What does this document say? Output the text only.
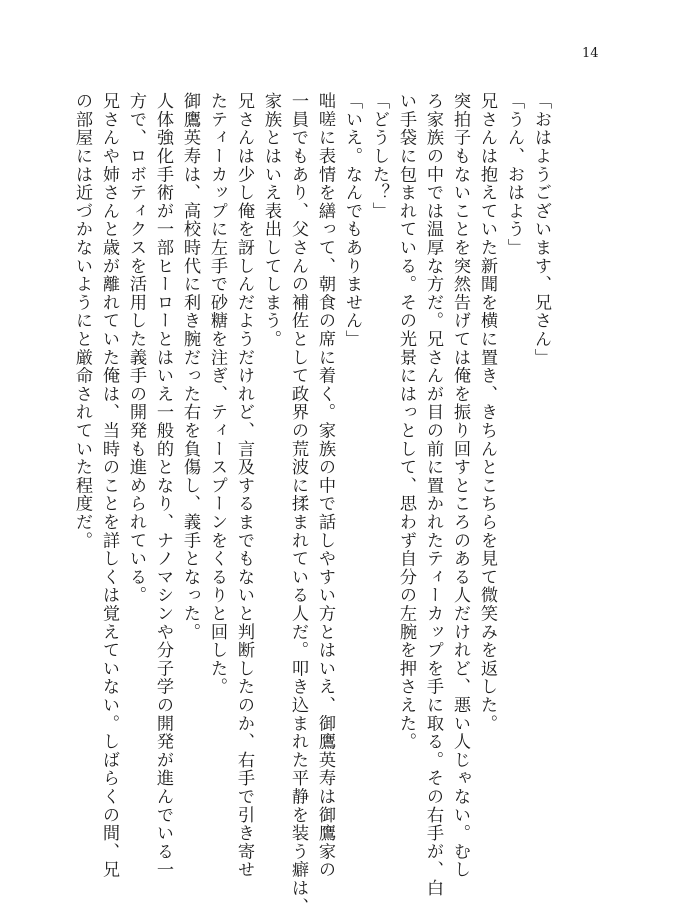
14
「おはようございます、兄さん」
「うん、おはよう」
兄さんは抱えていた新聞を横に置き、きちんとこちらを見て微笑みを返した。
突拍子もないことを突然告げては俺を振り回すところのある人だけれど、悪い人じゃない。むし
ろ家族の中では温厚な方だ。兄さんが目の前に置かれたティーカップを手に取る。その右手が、白
い手袋に包まれている。その光景にはっとして、思わず自分の左腕を押さえた。
「どうした？」
「いえ。なんでもありません」
咄嗟に表情を繕って、朝食の席に着く。家族の中で話しやすい方とはいえ、御鷹英寿は御鷹家の
一員でもあり、父さんの補佐として政界の荒波に揉まれている人だ。叩き込まれた平静を装う癖は、
家族とはいえ表出してしまう。
兄さんは少し俺を訝しんだようだけれど、言及するまでもないと判断したのか、右手で引き寄せ
たティーカップに左手で砂糖を注ぎ、ティースプーンをくるりと回した。
御鷹英寿は、高校時代に利き腕だった右を負傷し、義手となった。
人体強化手術が一部ヒーローとはいえ一般的となり、ナノマシンや分子学の開発が進んでいる一
方で、ロボティクスを活用した義手の開発も進められている。
兄さんや姉さんと歳が離れていた俺は、当時のことを詳しくは覚えていない。しばらくの間、兄
の部屋には近づかないようにと厳命されていた程度だ。
